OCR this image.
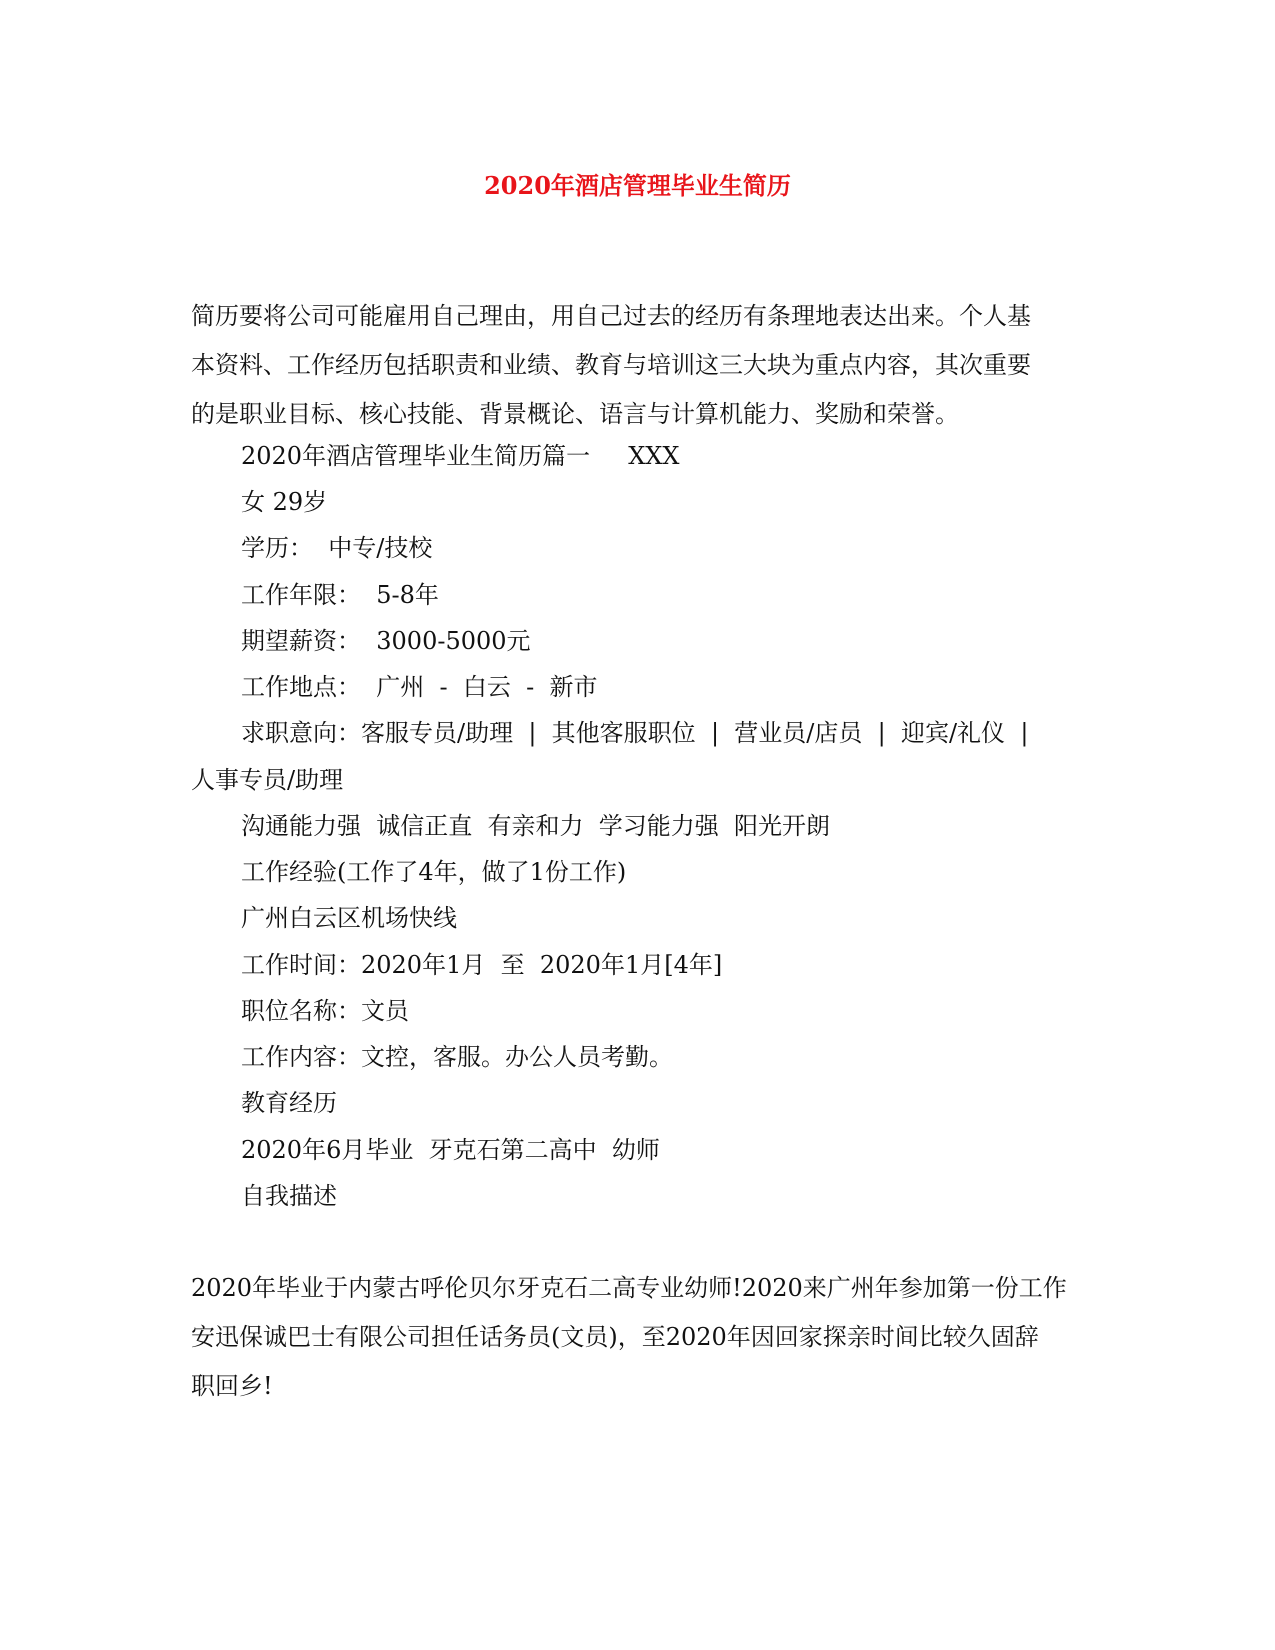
2020年酒店管理毕业生简历
简历要将公司可能雇用自己理由，用自己过去的经历有条理地表达出来。个人基
本资料、工作经历包括职责和业绩、教育与培训这三大块为重点内容，其次重要
的是职业目标、核心技能、背景概论、语言与计算机能力、奖励和荣誉。
2020年酒店管理毕业生简历篇一     XXX
女 29岁
学历：  中专/技校
工作年限：  5-8年
期望薪资：  3000-5000元
工作地点：  广州  -  白云  -  新市
求职意向：客服专员/助理  |  其他客服职位  |  营业员/店员  |  迎宾/礼仪  |
人事专员/助理
沟通能力强  诚信正直  有亲和力  学习能力强  阳光开朗
工作经验(工作了4年，做了1份工作)
广州白云区机场快线
工作时间：2020年1月  至  2020年1月[4年]
职位名称：文员
工作内容：文控，客服。办公人员考勤。
教育经历
2020年6月毕业  牙克石第二高中  幼师
自我描述
2020年毕业于内蒙古呼伦贝尔牙克石二高专业幼师!2020来广州年参加第一份工作
安迅保诚巴士有限公司担任话务员(文员)，至2020年因回家探亲时间比较久固辞
职回乡!
